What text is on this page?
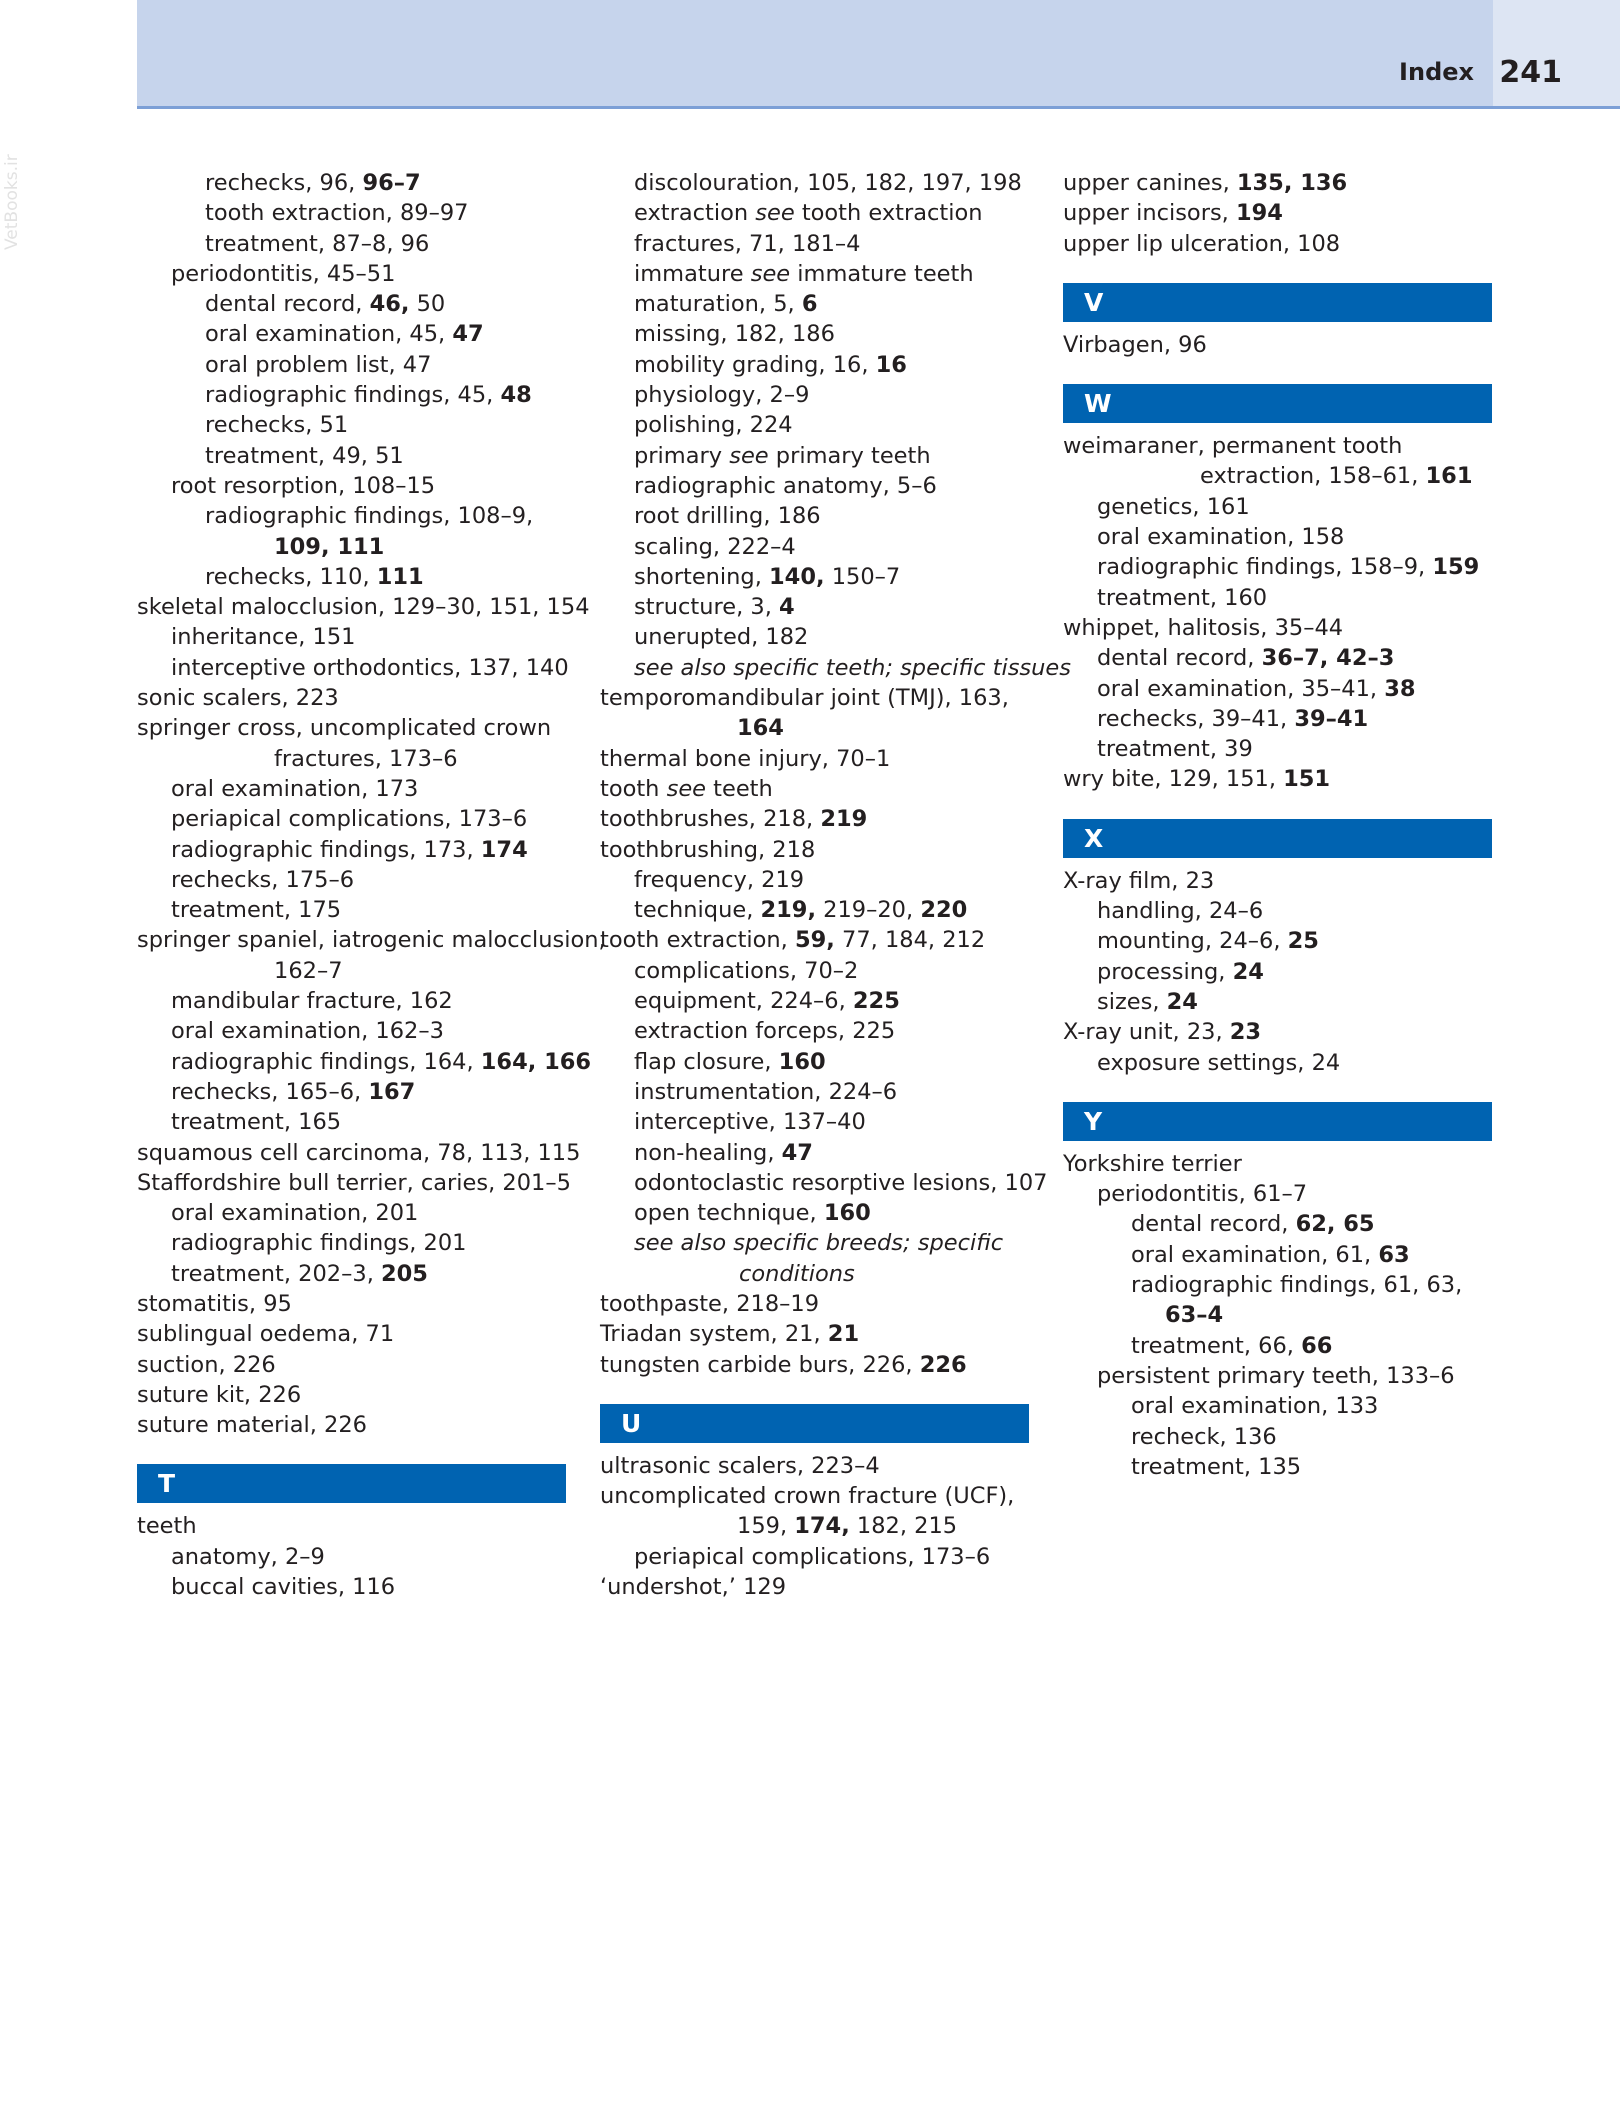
Index 241
VetBooks.ir	rechecks, 96, 96–7
tooth extraction, 89–97
treatment, 87–8, 96
periodontitis, 45–51
dental record, 46, 50
oral examination, 45, 47
oral problem list, 47
radiographic findings, 45, 48
rechecks, 51
treatment, 49, 51
root resorption, 108–15
radiographic findings, 108–9,
109, 111
rechecks, 110, 111
skeletal malocclusion, 129–30, 151, 154
inheritance, 151
interceptive orthodontics, 137, 140
sonic scalers, 223
springer cross, uncomplicated crown
fractures, 173–6
oral examination, 173
periapical complications, 173–6
radiographic findings, 173, 174
rechecks, 175–6
treatment, 175
springer spaniel, iatrogenic malocclusion,
162–7
mandibular fracture, 162
oral examination, 162–3
radiographic findings, 164, 164, 166
rechecks, 165–6, 167
treatment, 165
squamous cell carcinoma, 78, 113, 115
Staffordshire bull terrier, caries, 201–5
oral examination, 201
radiographic findings, 201
treatment, 202–3, 205
stomatitis, 95
sublingual oedema, 71
suction, 226
suture kit, 226
suture material, 226
T
teeth
anatomy, 2–9
buccal cavities, 116
discolouration, 105, 182, 197, 198
extraction see tooth extraction
fractures, 71, 181–4
immature see immature teeth
maturation, 5, 6
missing, 182, 186
mobility grading, 16, 16
physiology, 2–9
polishing, 224
primary see primary teeth
radiographic anatomy, 5–6
root drilling, 186
scaling, 222–4
shortening, 140, 150–7
structure, 3, 4
unerupted, 182
see also specific teeth; specific tissues
temporomandibular joint (TMJ), 163,
164
thermal bone injury, 70–1
tooth see teeth
toothbrushes, 218, 219
toothbrushing, 218
frequency, 219
technique, 219, 219–20, 220
tooth extraction, 59, 77, 184, 212
complications, 70–2
equipment, 224–6, 225
extraction forceps, 225
flap closure, 160
instrumentation, 224–6
interceptive, 137–40
non-healing, 47
odontoclastic resorptive lesions, 107
open technique, 160
see also specific breeds; specific
conditions
toothpaste, 218–19
Triadan system, 21, 21
tungsten carbide burs, 226, 226
U
ultrasonic scalers, 223–4
uncomplicated crown fracture (UCF),
159, 174, 182, 215
periapical complications, 173–6
‘undershot,’ 129
upper canines, 135, 136
upper incisors, 194
upper lip ulceration, 108
V
Virbagen, 96
W
weimaraner, permanent tooth
extraction, 158–61, 161
genetics, 161
oral examination, 158
radiographic findings, 158–9, 159
treatment, 160
whippet, halitosis, 35–44
dental record, 36–7, 42–3
oral examination, 35–41, 38
rechecks, 39–41, 39–41
treatment, 39
wry bite, 129, 151, 151
X
X-ray film, 23
handling, 24–6
mounting, 24–6, 25
processing, 24
sizes, 24
X-ray unit, 23, 23
exposure settings, 24
Y
Yorkshire terrier
periodontitis, 61–7
dental record, 62, 65
oral examination, 61, 63
radiographic findings, 61, 63,
63–4
treatment, 66, 66
persistent primary teeth, 133–6
oral examination, 133
recheck, 136
treatment, 135
